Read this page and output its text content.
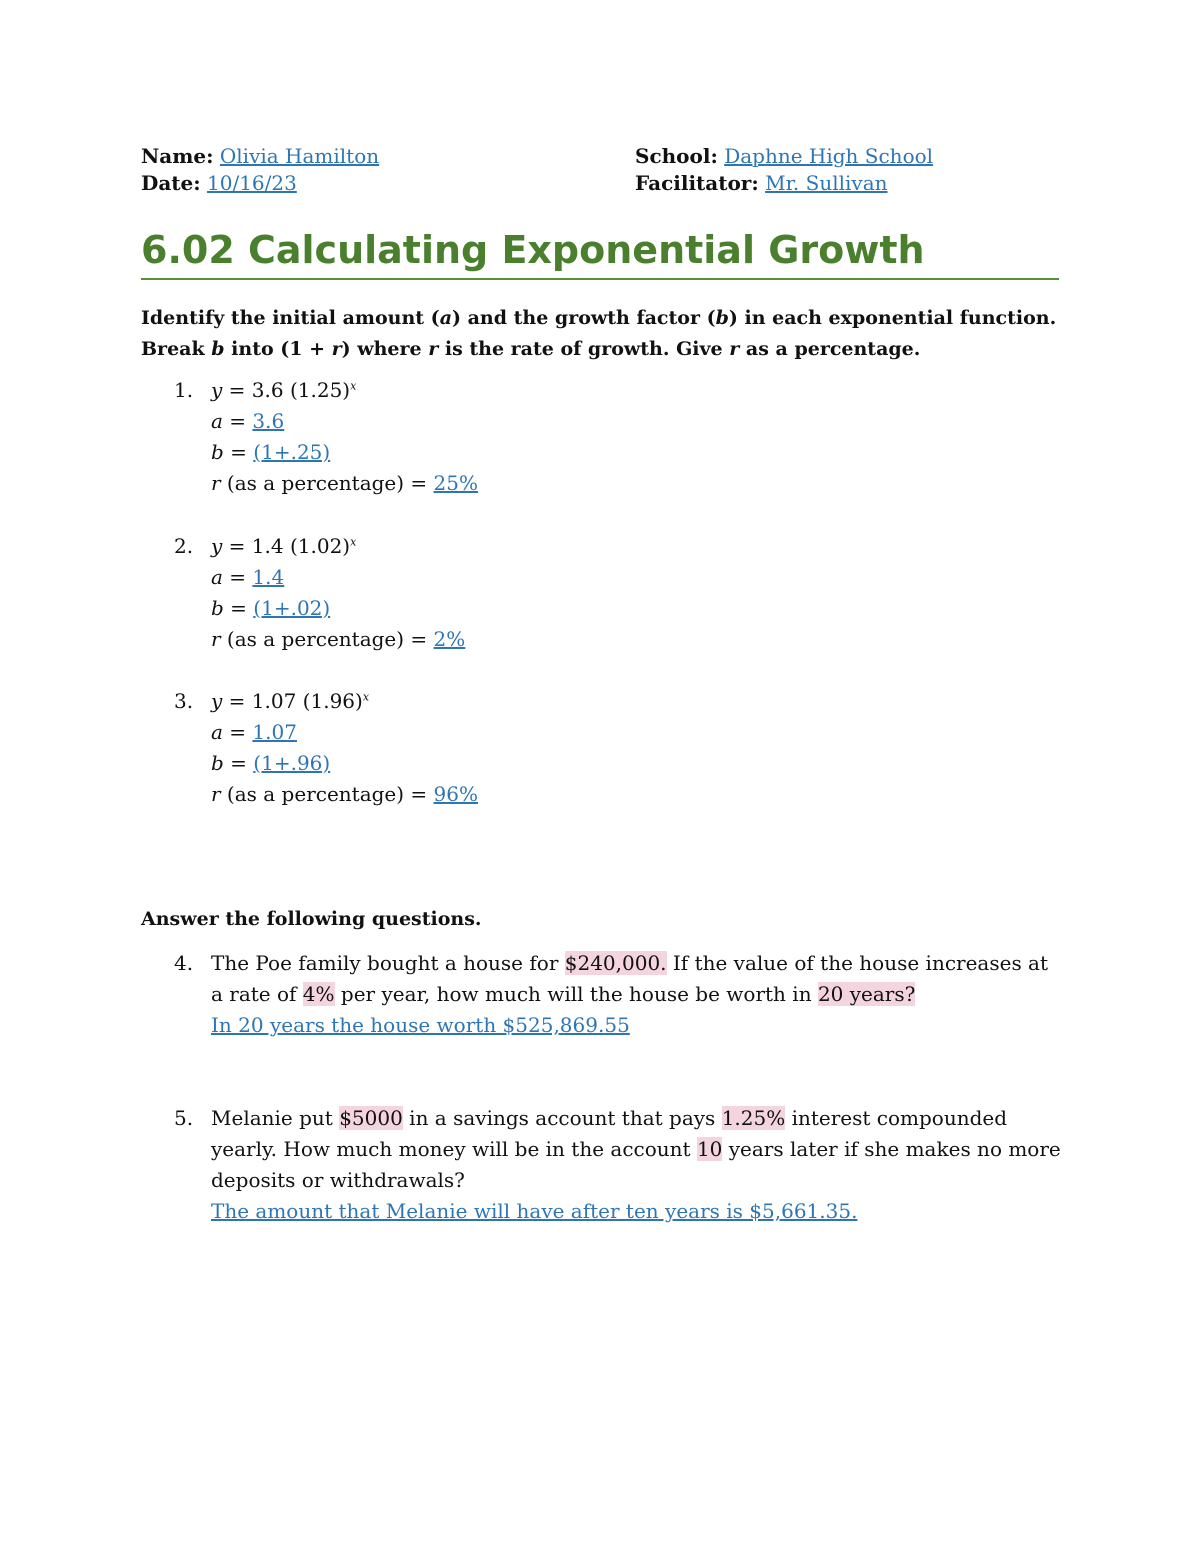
Name: Olivia Hamilton
Date: 10/16/23
School: Daphne High School
Facilitator: Mr. Sullivan
6.02 Calculating Exponential Growth

Identify the initial amount (a) and the growth factor (b) in each exponential function. Break b into (1 + r) where r is the rate of growth. Give r as a percentage.

1. y = 3.6 $(1.25)^x$
a = 3.6
b = (1+.25)
r (as a percentage) = 25%
2. y = 1.4 $(1.02)^x$
a = 1.4
b = (1+.02)
r (as a percentage) = 2%
3. y = 1.07 $(1.96)^x$
a = 1.07
b = (1+.96)
r (as a percentage) = 96%
Answer the following questions.
4. The Poe family bought a house for $240,000. If the value of the house increases at a rate of 4% per year, how much will the house be worth in 20 years?
In 20 years the house worth $525,869.55
5. Melanie put $5000 in a savings account that pays 1.25% interest compounded yearly. How much money will be in the account 10 years later if she makes no more deposits or withdrawals?
The amount that Melanie will have after ten years is $5,661.35.
